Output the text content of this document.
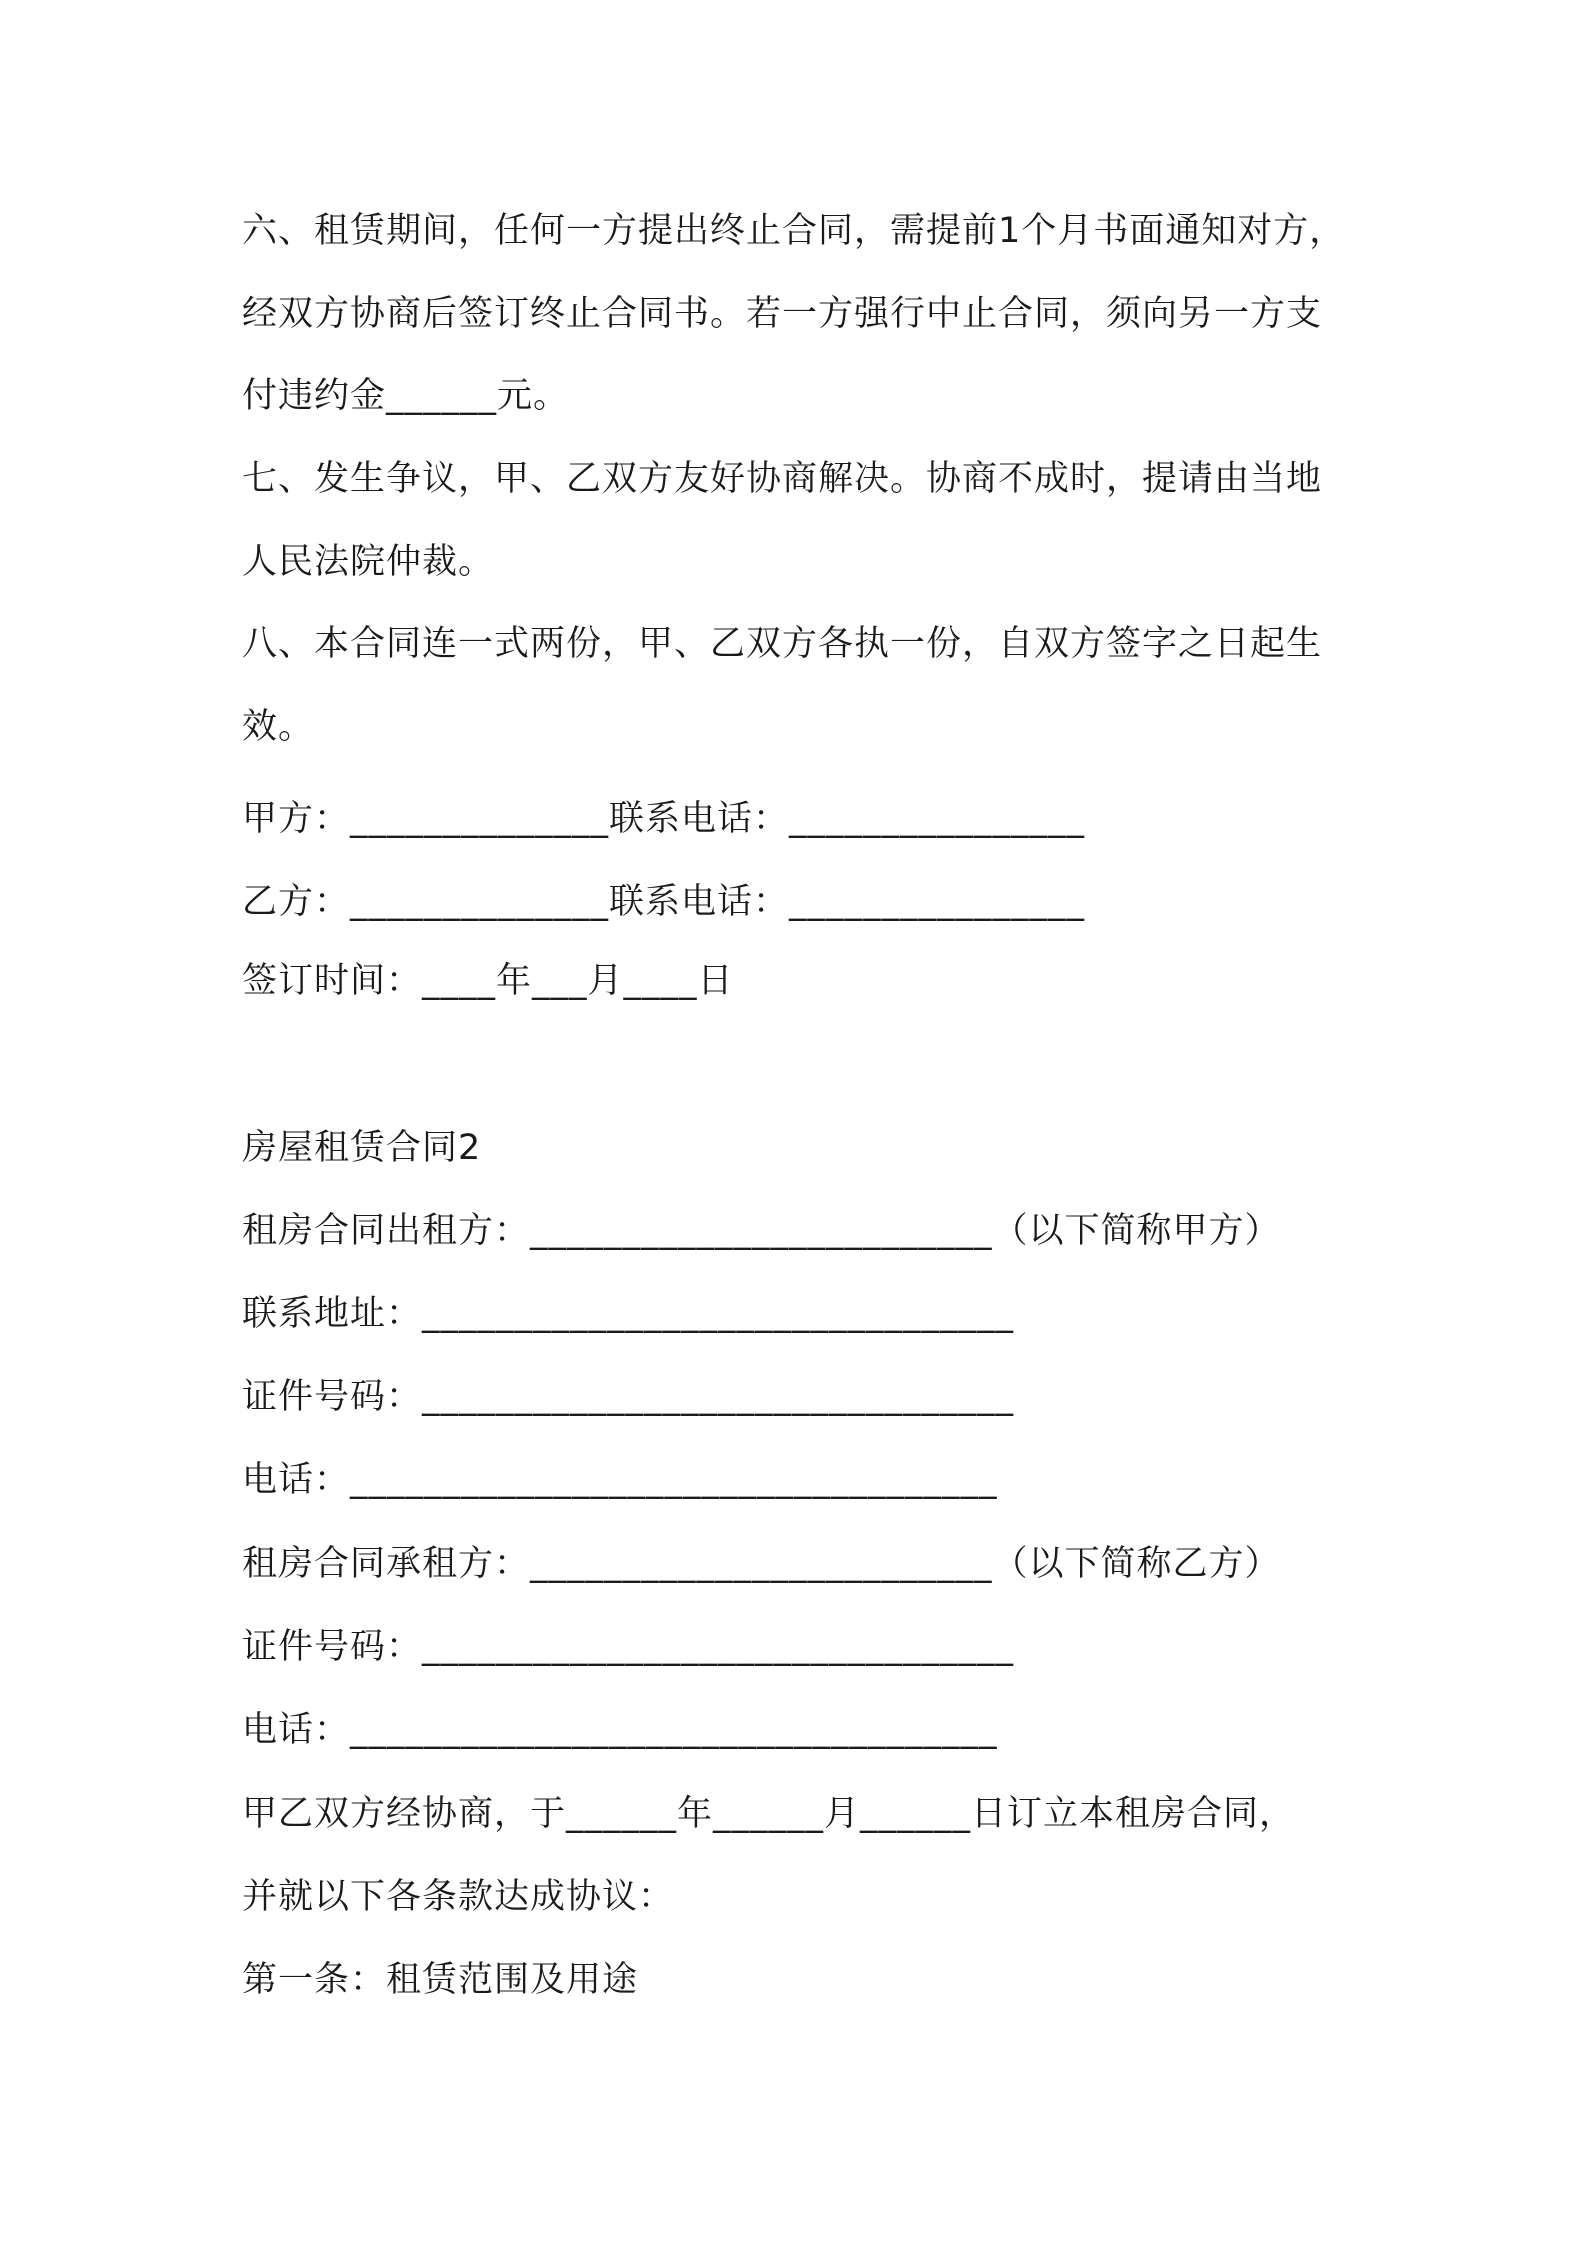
六、租赁期间，任何一方提出终止合同，需提前1个月书面通知对方，
经双方协商后签订终止合同书。若一方强行中止合同，须向另一方支
付违约金______元。
七、发生争议，甲、乙双方友好协商解决。协商不成时，提请由当地
人民法院仲裁。
八、本合同连一式两份，甲、乙双方各执一份，自双方签字之日起生
效。
甲方：______________联系电话：________________
乙方：______________联系电话：________________
签订时间：____年___月____日
房屋租赁合同2
租房合同出租方：_________________________（以下简称甲方）
联系地址：________________________________
证件号码：________________________________
电话：___________________________________
租房合同承租方：_________________________（以下简称乙方）
证件号码：________________________________
电话：___________________________________
甲乙双方经协商，于______年______月______日订立本租房合同，
并就以下各条款达成协议：
第一条：租赁范围及用途
